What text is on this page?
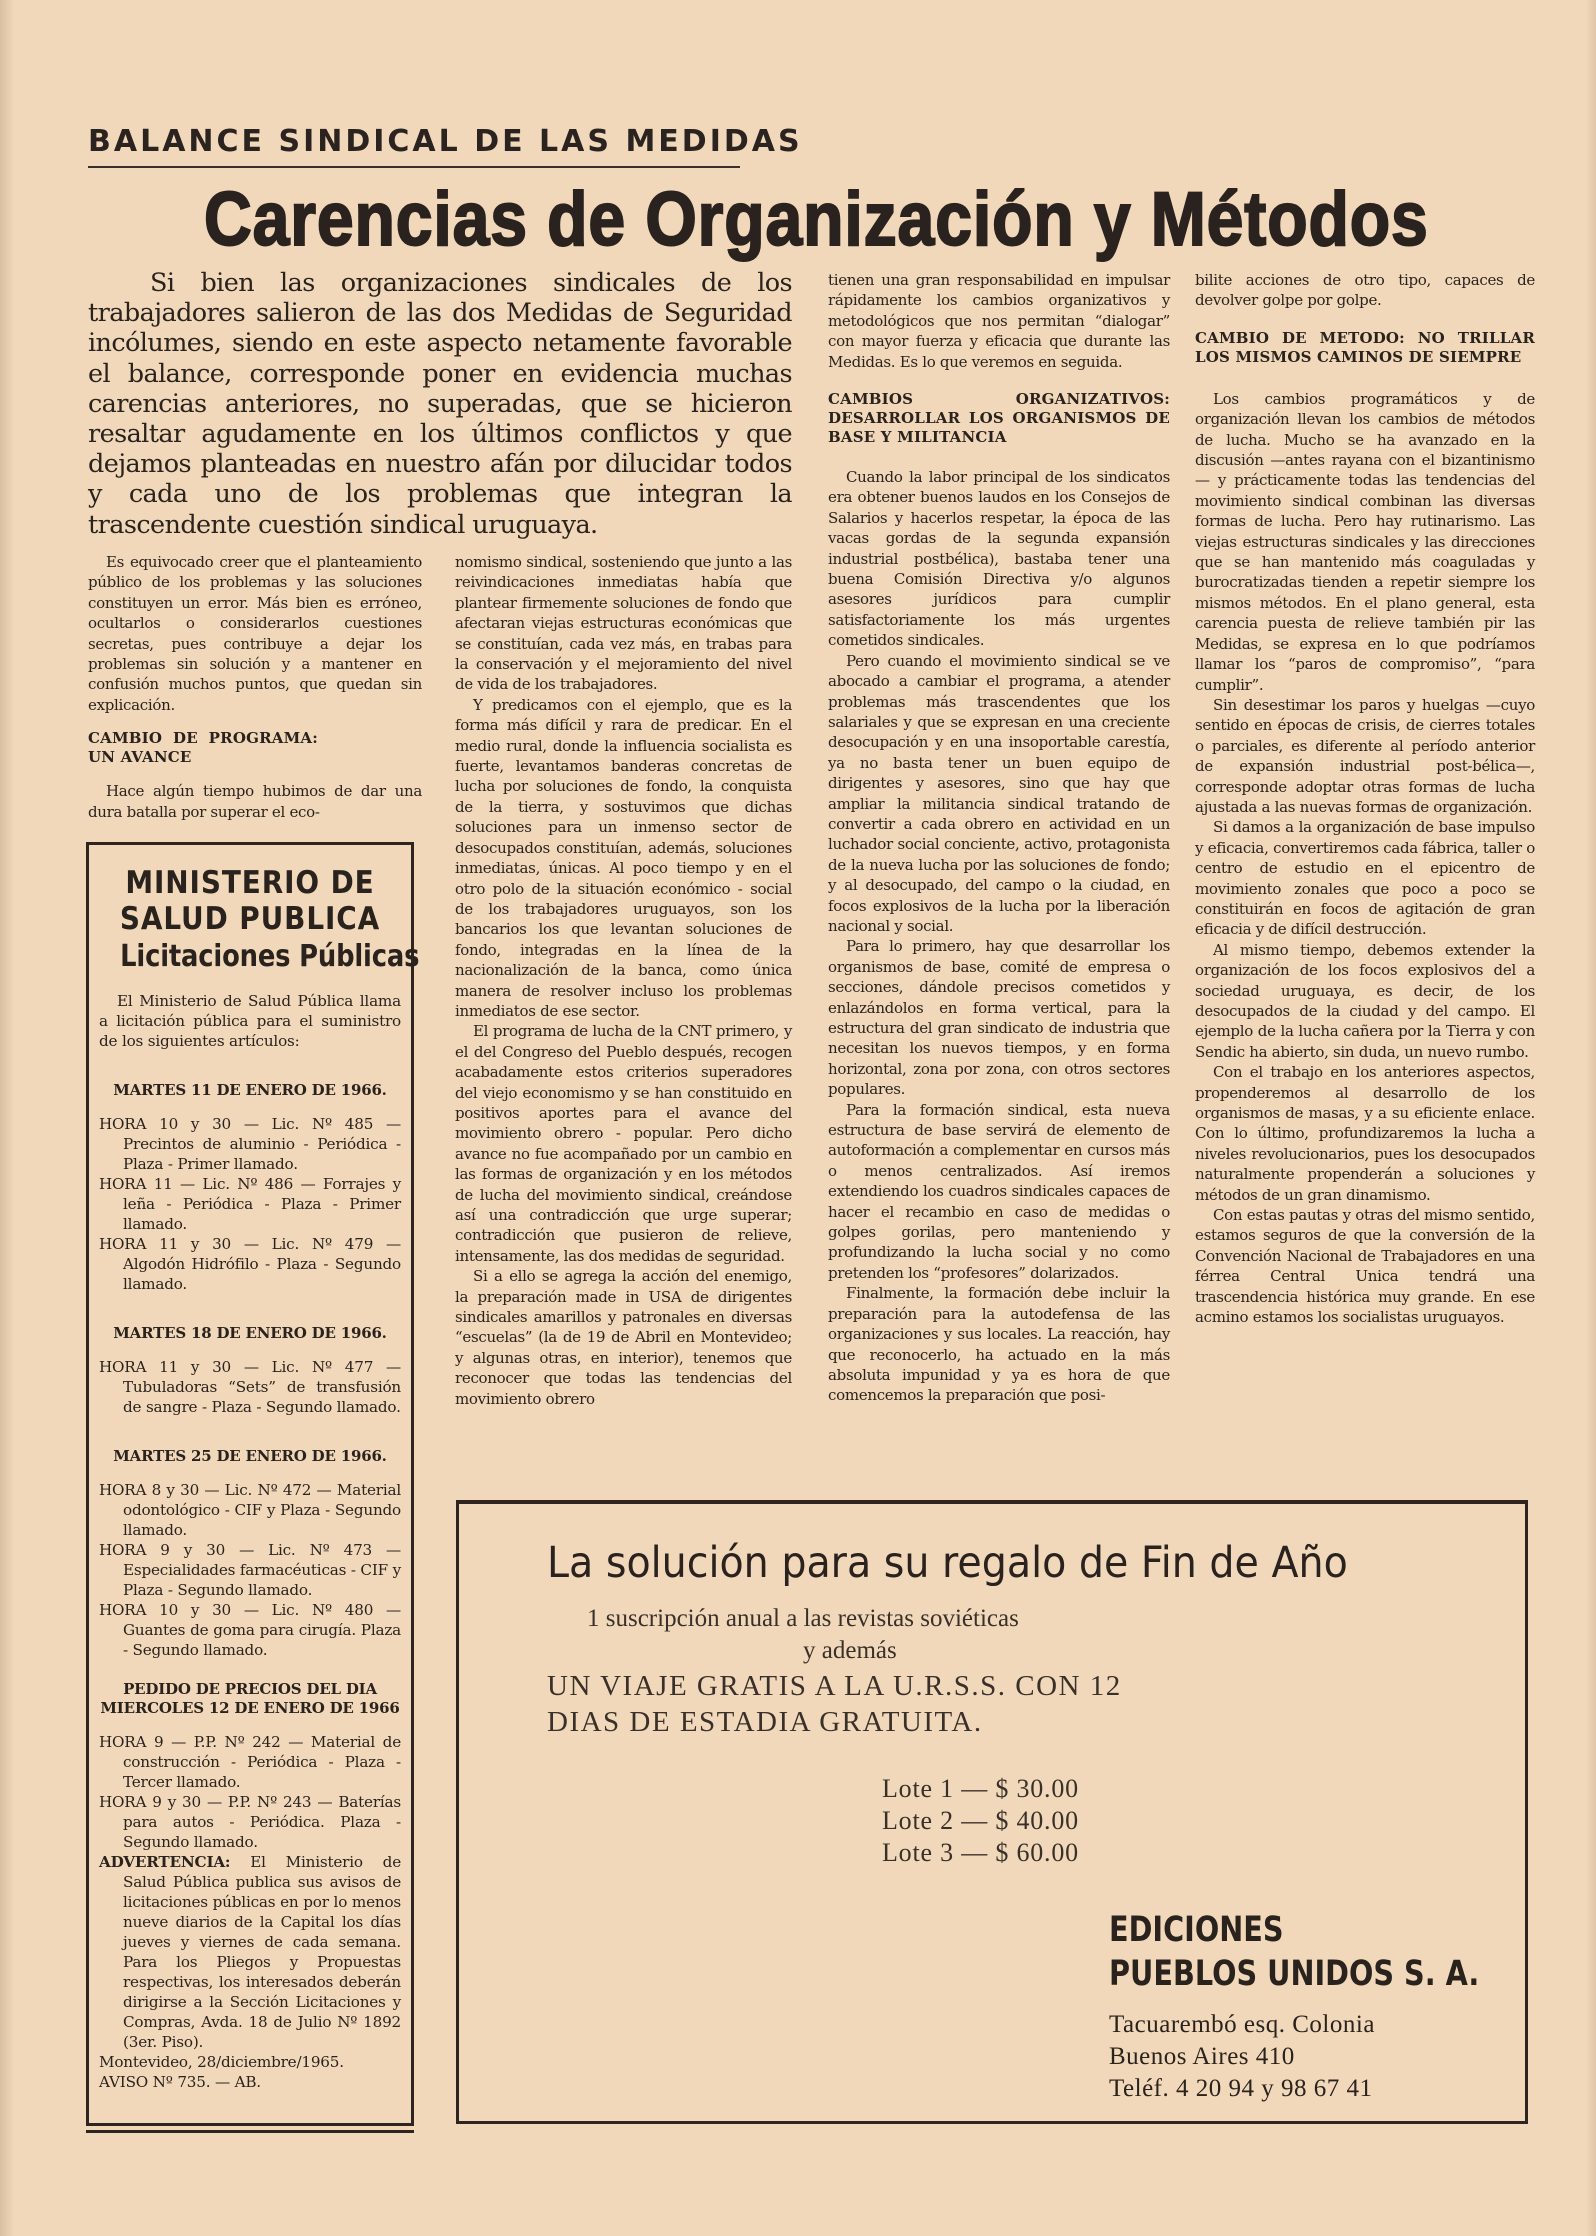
BALANCE SINDICAL DE LAS MEDIDAS
Carencias de Organización y Métodos
Si bien las organizaciones sindicales de los trabajadores salieron de las dos Medidas de Seguridad incólumes, siendo en este aspecto netamente favorable el balance, corresponde poner en evidencia muchas carencias anteriores, no superadas, que se hicieron resaltar agudamente en los últimos conflictos y que dejamos planteadas en nuestro afán por dilucidar todos y cada uno de los problemas que integran la trascendente cuestión sindical uruguaya.

Es equivocado creer que el planteamiento público de los problemas y las soluciones constituyen un error. Más bien es erróneo, ocultarlos o considerarlos cuestiones secretas, pues contribuye a dejar los problemas sin solución y a mantener en confusión muchos puntos, que quedan sin explicación.

CAMBIO DE PROGRAMA: UN AVANCE

Hace algún tiempo hubimos de dar una dura batalla por superar el eco-

nomismo sindical, sosteniendo que junto a las reivindicaciones inmediatas había que plantear firmemente soluciones de fondo que afectaran viejas estructuras económicas que se constituían, cada vez más, en trabas para la conservación y el mejoramiento del nivel de vida de los trabajadores.

Y predicamos con el ejemplo, que es la forma más difícil y rara de predicar. En el medio rural, donde la influencia socialista es fuerte, levantamos banderas concretas de lucha por soluciones de fondo, la conquista de la tierra, y sostuvimos que dichas soluciones para un inmenso sector de desocupados constituían, además, soluciones inmediatas, únicas. Al poco tiempo y en el otro polo de la situación económico - social de los trabajadores uruguayos, son los bancarios los que levantan soluciones de fondo, integradas en la línea de la nacionalización de la banca, como única manera de resolver incluso los problemas inmediatos de ese sector.

El programa de lucha de la CNT primero, y el del Congreso del Pueblo después, recogen acabadamente estos criterios superadores del viejo economismo y se han constituido en positivos aportes para el avance del movimiento obrero - popular. Pero dicho avance no fue acompañado por un cambio en las formas de organización y en los métodos de lucha del movimiento sindical, creándose así una contradicción que urge superar; contradicción que pusieron de relieve, intensamente, las dos medidas de seguridad.

Si a ello se agrega la acción del enemigo, la preparación made in USA de dirigentes sindicales amarillos y patronales en diversas “escuelas” (la de 19 de Abril en Montevideo; y algunas otras, en interior), tenemos que reconocer que todas las tendencias del movimiento obrero

tienen una gran responsabilidad en impulsar rápidamente los cambios organizativos y metodológicos que nos permitan “dialogar” con mayor fuerza y eficacia que durante las Medidas. Es lo que veremos en seguida.

CAMBIOS ORGANIZATIVOS: DESARROLLAR LOS ORGANISMOS DE BASE Y MILITANCIA

Cuando la labor principal de los sindicatos era obtener buenos laudos en los Consejos de Salarios y hacerlos respetar, la época de las vacas gordas de la segunda expansión industrial postbélica), bastaba tener una buena Comisión Directiva y/o algunos asesores jurídicos para cumplir satisfactoriamente los más urgentes cometidos sindicales.

Pero cuando el movimiento sindical se ve abocado a cambiar el programa, a atender problemas más trascendentes que los salariales y que se expresan en una creciente desocupación y en una insoportable carestía, ya no basta tener un buen equipo de dirigentes y asesores, sino que hay que ampliar la militancia sindical tratando de convertir a cada obrero en actividad en un luchador social conciente, activo, protagonista de la nueva lucha por las soluciones de fondo; y al desocupado, del campo o la ciudad, en focos explosivos de la lucha por la liberación nacional y social.

Para lo primero, hay que desarrollar los organismos de base, comité de empresa o secciones, dándole precisos cometidos y enlazándolos en forma vertical, para la estructura del gran sindicato de industria que necesitan los nuevos tiempos, y en forma horizontal, zona por zona, con otros sectores populares.

Para la formación sindical, esta nueva estructura de base servirá de elemento de autoformación a complementar en cursos más o menos centralizados. Así iremos extendiendo los cuadros sindicales capaces de hacer el recambio en caso de medidas o golpes gorilas, pero manteniendo y profundizando la lucha social y no como pretenden los “profesores” dolarizados.

Finalmente, la formación debe incluir la preparación para la autodefensa de las organizaciones y sus locales. La reacción, hay que reconocerlo, ha actuado en la más absoluta impunidad y ya es hora de que comencemos la preparación que posi-

bilite acciones de otro tipo, capaces de devolver golpe por golpe.

CAMBIO DE METODO: NO TRILLAR LOS MISMOS CAMINOS DE SIEMPRE

Los cambios programáticos y de organización llevan los cambios de métodos de lucha. Mucho se ha avanzado en la discusión —antes rayana con el bizantinismo— y prácticamente todas las tendencias del movimiento sindical combinan las diversas formas de lucha. Pero hay rutinarismo. Las viejas estructuras sindicales y las direcciones que se han mantenido más coaguladas y burocratizadas tienden a repetir siempre los mismos métodos. En el plano general, esta carencia puesta de relieve también pir las Medidas, se expresa en lo que podríamos llamar los “paros de compromiso”, “para cumplir”.

Sin desestimar los paros y huelgas —cuyo sentido en épocas de crisis, de cierres totales o parciales, es diferente al período anterior de expansión industrial post-bélica—, corresponde adoptar otras formas de lucha ajustada a las nuevas formas de organización.

Si damos a la organización de base impulso y eficacia, convertiremos cada fábrica, taller o centro de estudio en el epicentro de movimiento zonales que poco a poco se constituirán en focos de agitación de gran eficacia y de difícil destrucción.

Al mismo tiempo, debemos extender la organización de los focos explosivos del a sociedad uruguaya, es decir, de los desocupados de la ciudad y del campo. El ejemplo de la lucha cañera por la Tierra y con Sendic ha abierto, sin duda, un nuevo rumbo.

Con el trabajo en los anteriores aspectos, propenderemos al desarrollo de los organismos de masas, y a su eficiente enlace. Con lo último, profundizaremos la lucha a niveles revolucionarios, pues los desocupados naturalmente propenderán a soluciones y métodos de un gran dinamismo.

Con estas pautas y otras del mismo sentido, estamos seguros de que la conversión de la Convención Nacional de Trabajadores en una férrea Central Unica tendrá una trascendencia histórica muy grande. En ese acmino estamos los socialistas uruguayos.

MINISTERIO DE
SALUD PUBLICA
Licitaciones Públicas

El Ministerio de Salud Pública llama a licitación pública para el suministro de los siguientes artículos:

MARTES 11 DE ENERO DE 1966.

HORA 10 y 30 — Lic. Nº 485 — Precintos de aluminio - Periódica - Plaza - Primer llamado.

HORA 11 — Lic. Nº 486 — Forrajes y leña - Periódica - Plaza - Primer llamado.

HORA 11 y 30 — Lic. Nº 479 — Algodón Hidrófilo - Plaza - Segundo llamado.

MARTES 18 DE ENERO DE 1966.

HORA 11 y 30 — Lic. Nº 477 — Tubuladoras “Sets” de transfusión de sangre - Plaza - Segundo llamado.

MARTES 25 DE ENERO DE 1966.

HORA 8 y 30 — Lic. Nº 472 — Material odontológico - CIF y Plaza - Segundo llamado.

HORA 9 y 30 — Lic. Nº 473 — Especialidades farmacéuticas - CIF y Plaza - Segundo llamado.

HORA 10 y 30 — Lic. Nº 480 — Guantes de goma para cirugía. Plaza - Segundo llamado.

PEDIDO DE PRECIOS DEL DIA MIERCOLES 12 DE ENERO DE 1966

HORA 9 — P.P. Nº 242 — Material de construcción - Periódica - Plaza - Tercer llamado.

HORA 9 y 30 — P.P. Nº 243 — Baterías para autos - Periódica. Plaza - Segundo llamado.

ADVERTENCIA: El Ministerio de Salud Pública publica sus avisos de licitaciones públicas en por lo menos nueve diarios de la Capital los días jueves y viernes de cada semana. Para los Pliegos y Propuestas respectivas, los interesados deberán dirigirse a la Sección Licitaciones y Compras, Avda. 18 de Julio Nº 1892 (3er. Piso).

Montevideo, 28/diciembre/1965.

AVISO Nº 735. — AB.

La solución para su regalo de Fin de Año
1 suscripción anual a las revistas soviéticas
y además
UN VIAJE GRATIS A LA U.R.S.S. CON 12
DIAS DE ESTADIA GRATUITA.
Lote 1 — $ 30.00
Lote 2 — $ 40.00
Lote 3 — $ 60.00
EDICIONES
PUEBLOS UNIDOS S. A.
Tacuarembó esq. Colonia
Buenos Aires 410
Teléf. 4 20 94 y 98 67 41
